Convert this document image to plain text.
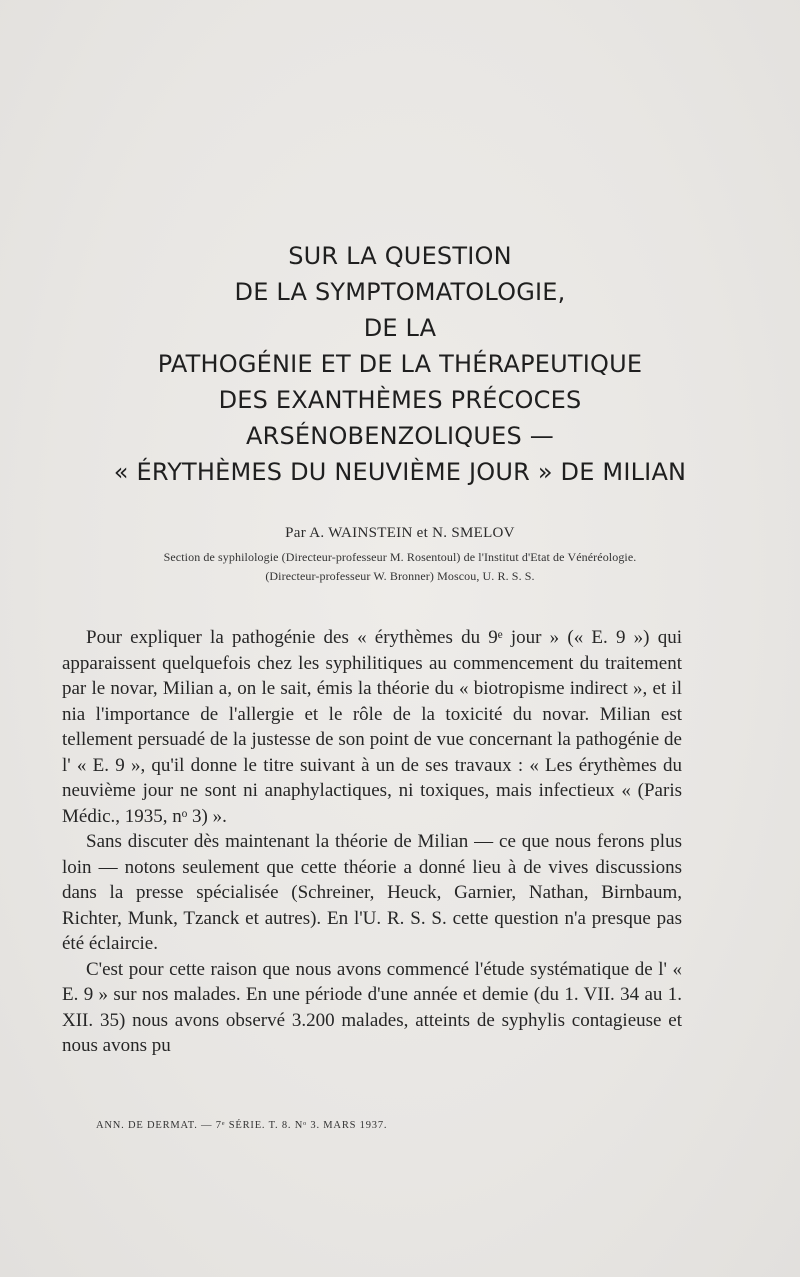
SUR LA QUESTION
DE LA SYMPTOMATOLOGIE,
DE LA
PATHOGÉNIE ET DE LA THÉRAPEUTIQUE
DES EXANTHÈMES PRÉCOCES
ARSÉNOBENZOLIQUES —
« ÉRYTHÈMES DU NEUVIÈME JOUR » DE MILIAN
Par A. WAINSTEIN et N. SMELOV
Section de syphilologie (Directeur-professeur M. Rosentoul) de l'Institut d'Etat de Vénéréologie.
(Directeur-professeur W. Bronner) Moscou, U. R. S. S.

Pour expliquer la pathogénie des « érythèmes du 9ᵉ jour » (« E. 9 ») qui apparaissent quelquefois chez les syphilitiques au commencement du traitement par le novar, Milian a, on le sait, émis la théorie du « biotropisme indirect », et il nia l'importance de l'allergie et le rôle de la toxicité du novar. Milian est tellement persuadé de la justesse de son point de vue concernant la pathogénie de l' « E. 9 », qu'il donne le titre suivant à un de ses travaux : « Les érythèmes du neuvième jour ne sont ni anaphylactiques, ni toxiques, mais infectieux « (Paris Médic., 1935, nᵒ 3) ».

Sans discuter dès maintenant la théorie de Milian — ce que nous ferons plus loin — notons seulement que cette théorie a donné lieu à de vives discussions dans la presse spécialisée (Schreiner, Heuck, Garnier, Nathan, Birnbaum, Richter, Munk, Tzanck et autres). En l'U. R. S. S. cette question n'a presque pas été éclaircie.

C'est pour cette raison que nous avons commencé l'étude systématique de l' « E. 9 » sur nos malades. En une période d'une année et demie (du 1. VII. 34 au 1. XII. 35) nous avons observé 3.200 malades, atteints de syphylis contagieuse et nous avons pu

ANN. DE DERMAT. — 7ᵉ SÉRIE. T. 8. Nᵒ 3. MARS 1937.
